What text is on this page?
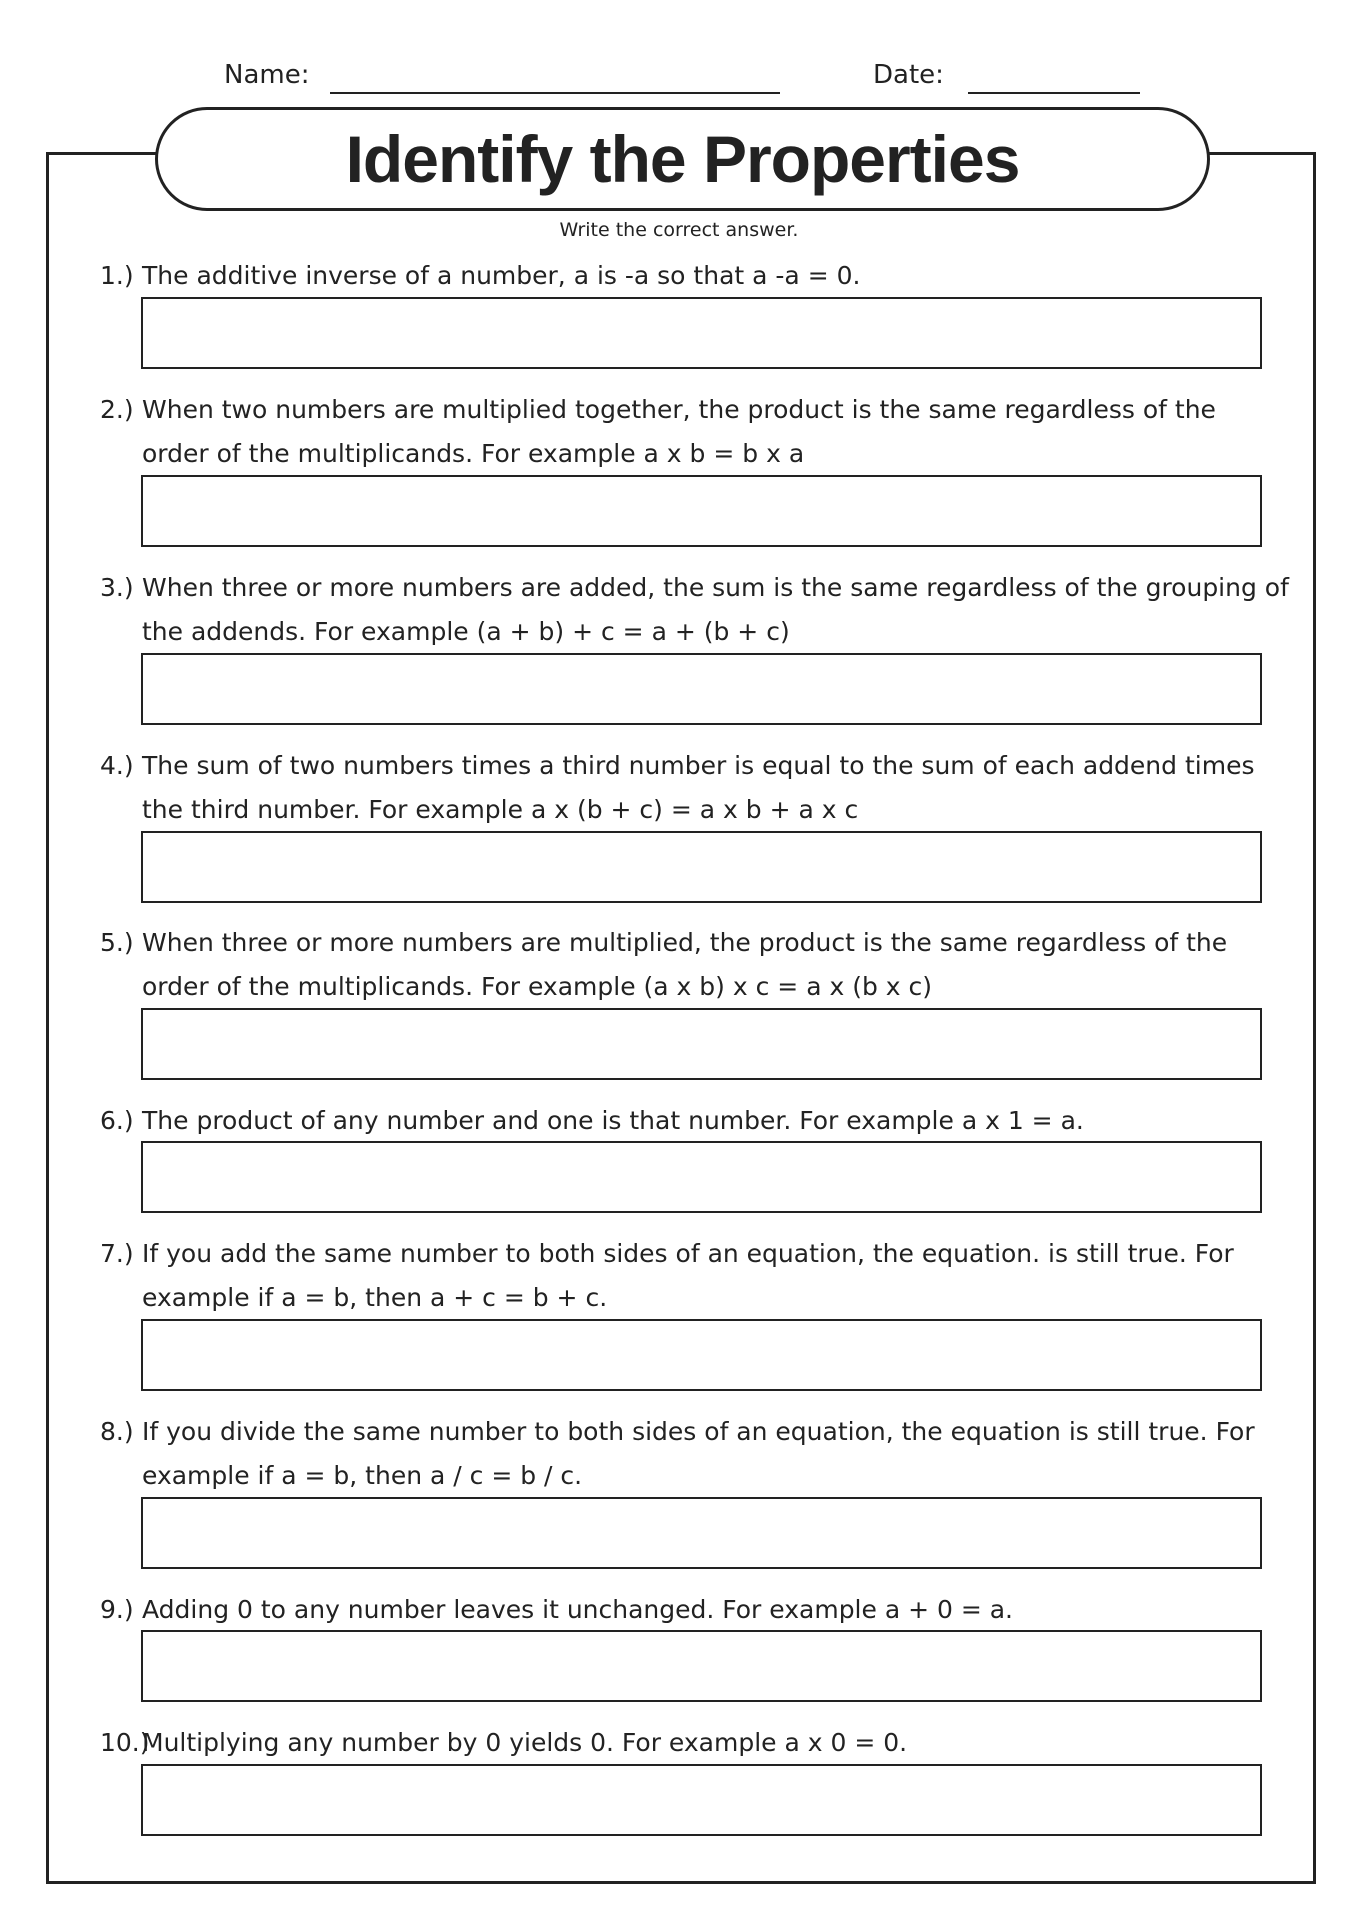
Name:	Date:
Identify the Properties
Write the correct answer.
1.) The additive inverse of a number, a is -a so that a -a = 0.
2.) When two numbers are multiplied together, the product is the same regardless of the order of the multiplicands. For example a x b = b x a
3.) When three or more numbers are added, the sum is the same regardless of the grouping of the addends. For example (a + b) + c = a + (b + c)
4.) The sum of two numbers times a third number is equal to the sum of each addend times the third number. For example a x (b + c) = a x b + a x c
5.) When three or more numbers are multiplied, the product is the same regardless of the order of the multiplicands. For example (a x b) x c = a x (b x c)
6.) The product of any number and one is that number. For example a x 1 = a.
7.) If you add the same number to both sides of an equation, the equation. is still true. For example if a = b, then a + c = b + c.
8.) If you divide the same number to both sides of an equation, the equation is still true. For example if a = b, then a / c = b / c.
9.) Adding 0 to any number leaves it unchanged. For example a + 0 = a.
10.)
Multiplying any number by 0 yields 0. For example a x 0 = 0.
